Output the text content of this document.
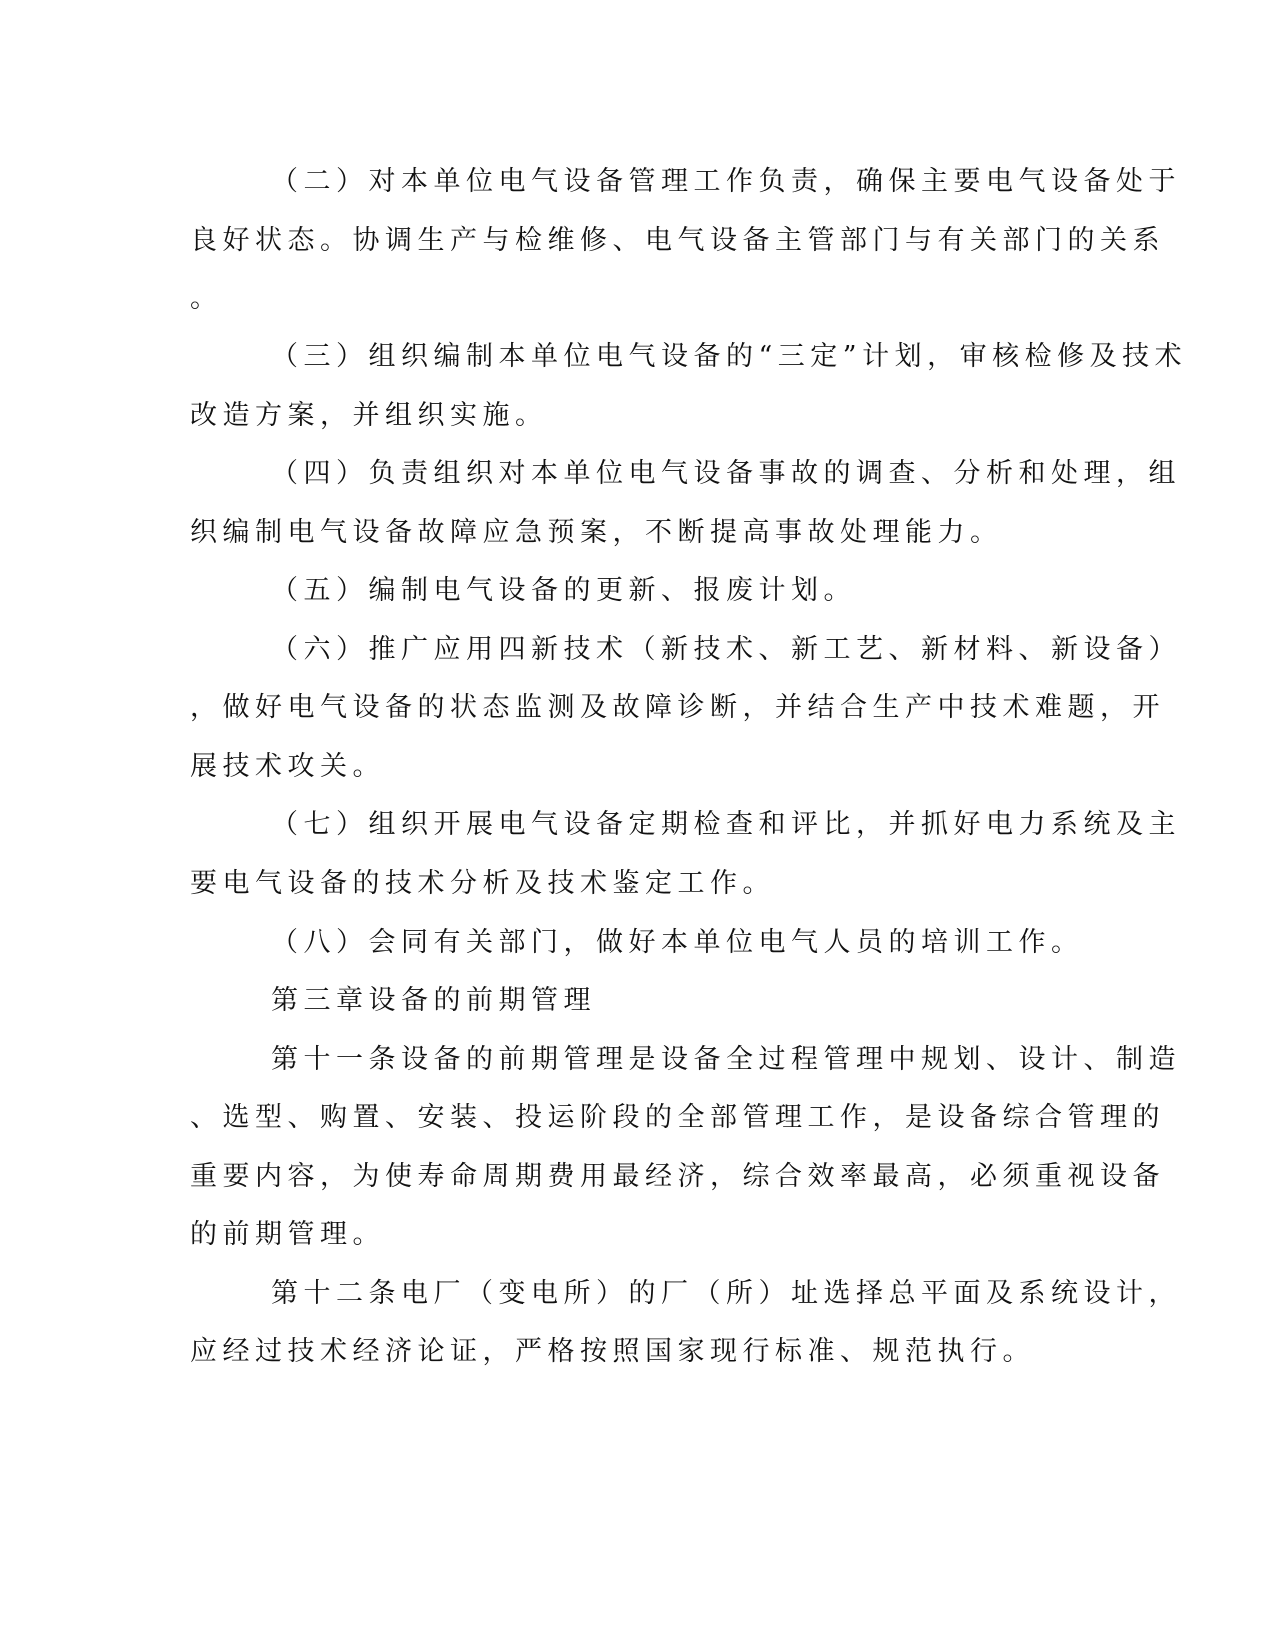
（二）对本单位电气设备管理工作负责，确保主要电气设备处于
良好状态。协调生产与检维修、电气设备主管部门与有关部门的关系
。
（三）组织编制本单位电气设备的“三定”计划，审核检修及技术
改造方案，并组织实施。
（四）负责组织对本单位电气设备事故的调查、分析和处理，组
织编制电气设备故障应急预案，不断提高事故处理能力。
（五）编制电气设备的更新、报废计划。
（六）推广应用四新技术（新技术、新工艺、新材料、新设备）
，做好电气设备的状态监测及故障诊断，并结合生产中技术难题，开
展技术攻关。
（七）组织开展电气设备定期检查和评比，并抓好电力系统及主
要电气设备的技术分析及技术鉴定工作。
（八）会同有关部门，做好本单位电气人员的培训工作。
第三章设备的前期管理
第十一条设备的前期管理是设备全过程管理中规划、设计、制造
、选型、购置、安装、投运阶段的全部管理工作，是设备综合管理的
重要内容，为使寿命周期费用最经济，综合效率最高，必须重视设备
的前期管理。
第十二条电厂（变电所）的厂（所）址选择总平面及系统设计，
应经过技术经济论证，严格按照国家现行标准、规范执行。
